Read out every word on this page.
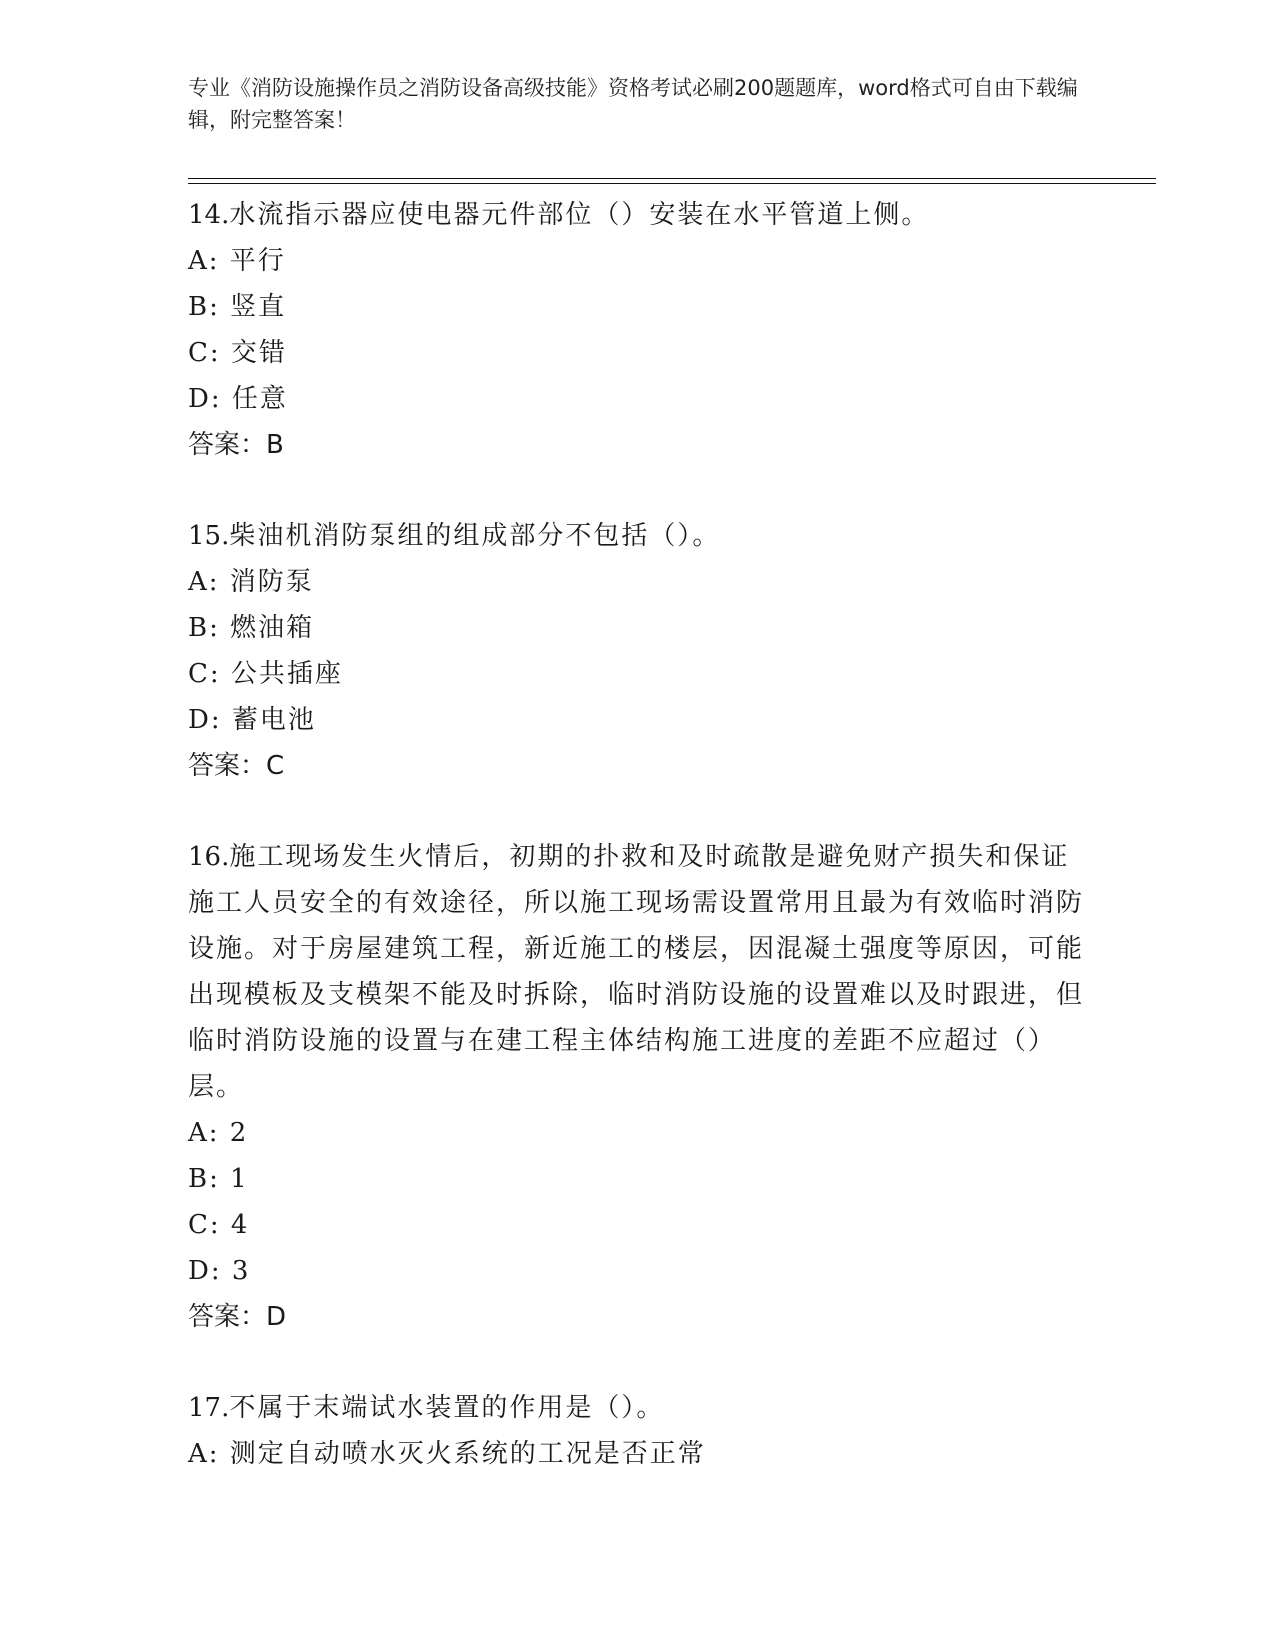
专业《消防设施操作员之消防设备高级技能》资格考试必刷200题题库，word格式可自由下载编辑，附完整答案！
14.水流指示器应使电器元件部位（）安装在水平管道上侧。
A: 平行
B: 竖直
C: 交错
D: 任意
答案：B
15.柴油机消防泵组的组成部分不包括（）。
A: 消防泵
B: 燃油箱
C: 公共插座
D: 蓄电池
答案：C
16.施工现场发生火情后，初期的扑救和及时疏散是避免财产损失和保证施工人员安全的有效途径，所以施工现场需设置常用且最为有效临时消防设施。对于房屋建筑工程，新近施工的楼层，因混凝土强度等原因，可能出现模板及支模架不能及时拆除，临时消防设施的设置难以及时跟进，但临时消防设施的设置与在建工程主体结构施工进度的差距不应超过（）层。
A: 2
B: 1
C: 4
D: 3
答案：D
17.不属于末端试水装置的作用是（）。
A: 测定自动喷水灭火系统的工况是否正常
